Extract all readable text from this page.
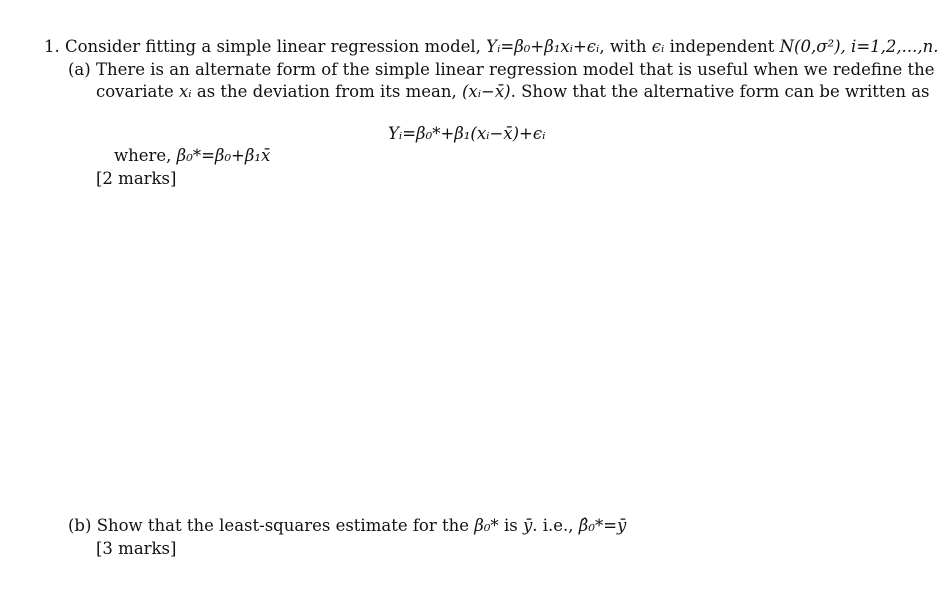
1. Consider fitting a simple linear regression model, Yᵢ=β₀+β₁xᵢ+ϵᵢ, with ϵᵢ independent N(0,σ²), i=1,2,...,n.
(a) There is an alternate form of the simple linear regression model that is useful when we redefine the
covariate xᵢ as the deviation from its mean, (xᵢ−x̄). Show that the alternative form can be written as
Yᵢ=β₀*+β₁(xᵢ−x̄)+ϵᵢ
where, β₀*=β₀+β₁x̄
[2 marks]
(b) Show that the least-squares estimate for the β₀* is ȳ. i.e., β̂₀*=ȳ
[3 marks]
